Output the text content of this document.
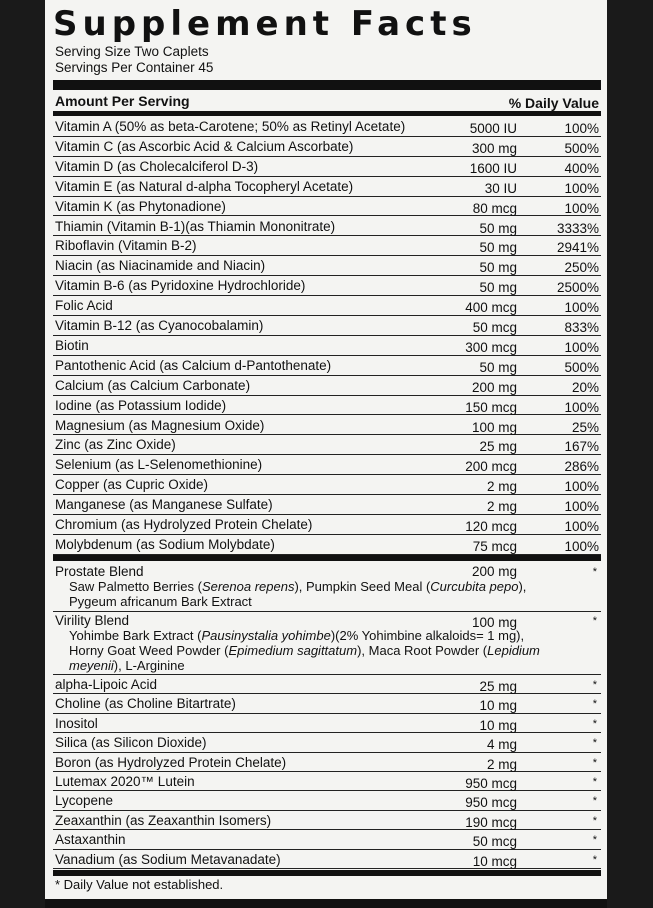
Supplement Facts
Serving Size Two Caplets
Servings Per Container 45
Amount Per Serving	% Daily Value
Vitamin A (50% as beta-Carotene; 50% as Retinyl Acetate)	5000 IU	100%
Vitamin C (as Ascorbic Acid & Calcium Ascorbate)	300 mg	500%
Vitamin D (as Cholecalciferol D-3)	1600 IU	400%
Vitamin E (as Natural d-alpha Tocopheryl Acetate)	30 IU	100%
Vitamin K (as Phytonadione)	80 mcg	100%
Thiamin (Vitamin B-1)(as Thiamin Mononitrate)	50 mg	3333%
Riboflavin (Vitamin B-2)	50 mg	2941%
Niacin (as Niacinamide and Niacin)	50 mg	250%
Vitamin B-6 (as Pyridoxine Hydrochloride)	50 mg	2500%
Folic Acid	400 mcg	100%
Vitamin B-12 (as Cyanocobalamin)	50 mcg	833%
Biotin	300 mcg	100%
Pantothenic Acid (as Calcium d-Pantothenate)	50 mg	500%
Calcium (as Calcium Carbonate)	200 mg	20%
Iodine (as Potassium Iodide)	150 mcg	100%
Magnesium (as Magnesium Oxide)	100 mg	25%
Zinc (as Zinc Oxide)	25 mg	167%
Selenium (as L-Selenomethionine)	200 mcg	286%
Copper (as Cupric Oxide)	2 mg	100%
Manganese (as Manganese Sulfate)	2 mg	100%
Chromium (as Hydrolyzed Protein Chelate)	120 mcg	100%
Molybdenum (as Sodium Molybdate)	75 mcg	100%
Prostate Blend	200 mg	*
Saw Palmetto Berries (Serenoa repens), Pumpkin Seed Meal (Curcubita pepo),
Pygeum africanum Bark Extract
Virility Blend	100 mg	*
Yohimbe Bark Extract (Pausinystalia yohimbe)(2% Yohimbine alkaloids= 1 mg),
Horny Goat Weed Powder (Epimedium sagittatum), Maca Root Powder (Lepidium
meyenii), L-Arginine
alpha-Lipoic Acid	25 mg	*
Choline (as Choline Bitartrate)	10 mg	*
Inositol	10 mg	*
Silica (as Silicon Dioxide)	4 mg	*
Boron (as Hydrolyzed Protein Chelate)	2 mg	*
Lutemax 2020™ Lutein	950 mcg	*
Lycopene	950 mcg	*
Zeaxanthin (as Zeaxanthin Isomers)	190 mcg	*
Astaxanthin	50 mcg	*
Vanadium (as Sodium Metavanadate)	10 mcg	*
* Daily Value not established.
